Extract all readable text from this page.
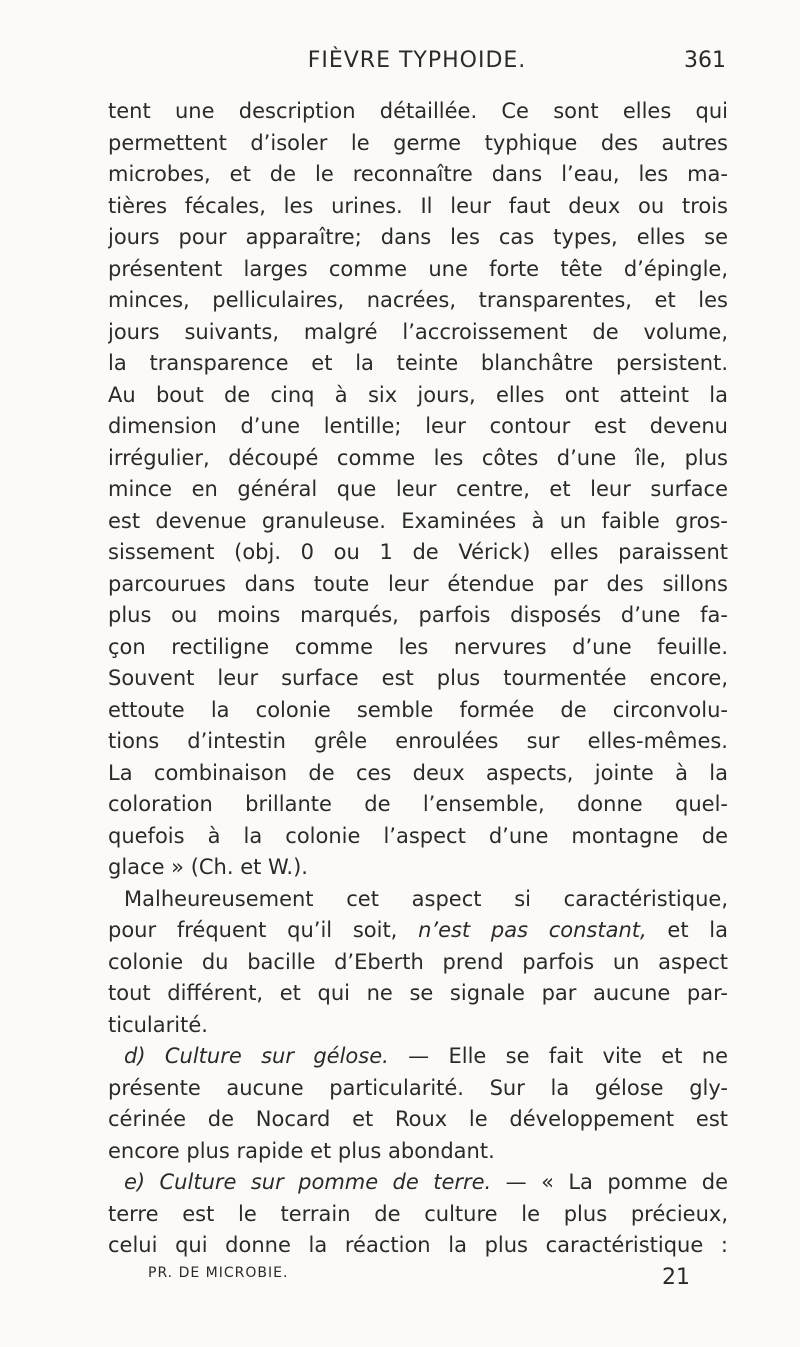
FIÈVRE TYPHOIDE.	361
tent une description détaillée. Ce sont elles qui
permettent d’isoler le germe typhique des autres
microbes, et de le reconnaître dans l’eau, les ma-
tières fécales, les urines. Il leur faut deux ou trois
jours pour apparaître; dans les cas types, elles se
présentent larges comme une forte tête d’épingle,
minces, pelliculaires, nacrées, transparentes, et les
jours suivants, malgré l’accroissement de volume,
la transparence et la teinte blanchâtre persistent.
Au bout de cinq à six jours, elles ont atteint la
dimension d’une lentille; leur contour est devenu
irrégulier, découpé comme les côtes d’une île, plus
mince en général que leur centre, et leur surface
est devenue granuleuse. Examinées à un faible gros-
sissement (obj. 0 ou 1 de Vérick) elles paraissent
parcourues dans toute leur étendue par des sillons
plus ou moins marqués, parfois disposés d’une fa-
çon rectiligne comme les nervures d’une feuille.
Souvent leur surface est plus tourmentée encore,
ettoute la colonie semble formée de circonvolu-
tions d’intestin grêle enroulées sur elles-mêmes.
La combinaison de ces deux aspects, jointe à la
coloration brillante de l’ensemble, donne quel-
quefois à la colonie l’aspect d’une montagne de
glace » (Ch. et W.).
Malheureusement cet aspect si caractéristique,
pour fréquent qu’il soit, n’est pas constant, et la
colonie du bacille d’Eberth prend parfois un aspect
tout différent, et qui ne se signale par aucune par-
ticularité.
d) Culture sur gélose. — Elle se fait vite et ne
présente aucune particularité. Sur la gélose gly-
cérinée de Nocard et Roux le développement est
encore plus rapide et plus abondant.
e) Culture sur pomme de terre. — « La pomme de
terre est le terrain de culture le plus précieux,
celui qui donne la réaction la plus caractéristique :
PR. DE MICROBIE.	21
